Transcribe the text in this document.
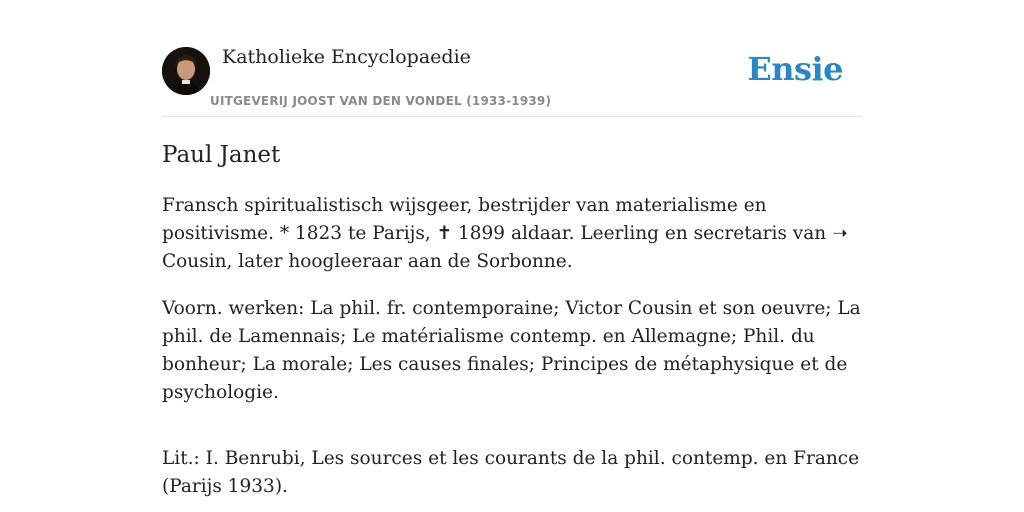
Katholieke Encyclopaedie
UITGEVERIJ JOOST VAN DEN VONDEL (1933-1939)
Ensie
Paul Janet

Fransch spiritualistisch wijsgeer, bestrijder van materialisme en positivisme. * 1823 te Parijs, ✝ 1899 aldaar. Leerling en secretaris van ➝ Cousin, later hoogleeraar aan de Sorbonne.

Voorn. werken: La phil. fr. contemporaine; Victor Cousin et son oeuvre; La phil. de Lamennais; Le matérialisme contemp. en Allemagne; Phil. du bonheur; La morale; Les causes finales; Principes de métaphysique et de psychologie.

Lit.: I. Benrubi, Les sources et les courants de la phil. contemp. en France (Parijs 1933).
